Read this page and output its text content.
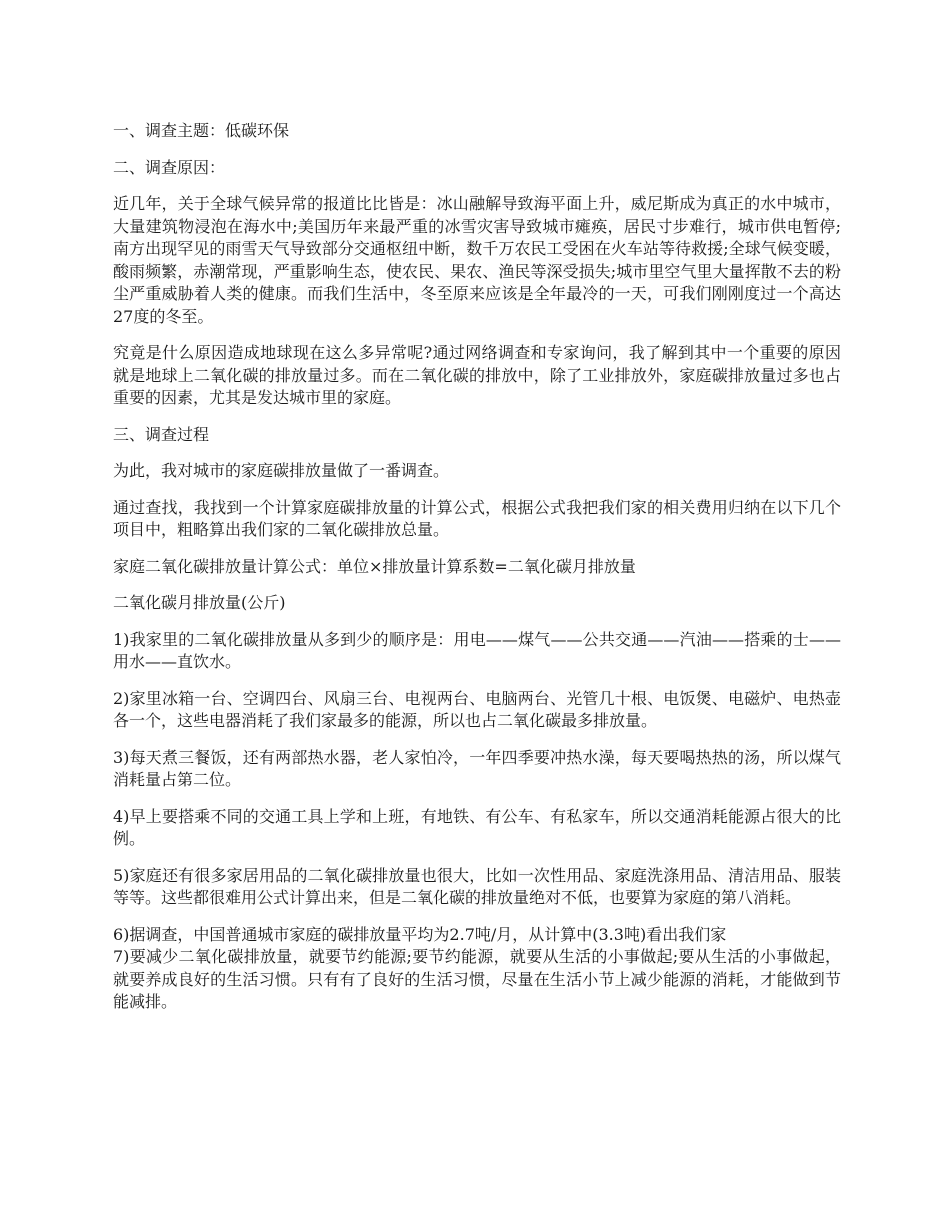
一、调查主题：低碳环保

二、调查原因：

近几年，关于全球气候异常的报道比比皆是：冰山融解导致海平面上升，威尼斯成为真正的水中城市，大量建筑物浸泡在海水中;美国历年来最严重的冰雪灾害导致城市瘫痪，居民寸步难行，城市供电暂停;南方出现罕见的雨雪天气导致部分交通枢纽中断，数千万农民工受困在火车站等待救援;全球气候变暖，酸雨频繁，赤潮常现，严重影响生态，使农民、果农、渔民等深受损失;城市里空气里大量挥散不去的粉尘严重威胁着人类的健康。而我们生活中，冬至原来应该是全年最冷的一天，可我们刚刚度过一个高达27度的冬至。

究竟是什么原因造成地球现在这么多异常呢?通过网络调查和专家询问，我了解到其中一个重要的原因就是地球上二氧化碳的排放量过多。而在二氧化碳的排放中，除了工业排放外，家庭碳排放量过多也占重要的因素，尤其是发达城市里的家庭。

三、调查过程

为此，我对城市的家庭碳排放量做了一番调查。

通过查找，我找到一个计算家庭碳排放量的计算公式，根据公式我把我们家的相关费用归纳在以下几个项目中，粗略算出我们家的二氧化碳排放总量。

家庭二氧化碳排放量计算公式：单位×排放量计算系数=二氧化碳月排放量

二氧化碳月排放量(公斤)

1)我家里的二氧化碳排放量从多到少的顺序是：用电——煤气——公共交通——汽油——搭乘的士——用水——直饮水。

2)家里冰箱一台、空调四台、风扇三台、电视两台、电脑两台、光管几十根、电饭煲、电磁炉、电热壶各一个，这些电器消耗了我们家最多的能源，所以也占二氧化碳最多排放量。

3)每天煮三餐饭，还有两部热水器，老人家怕冷，一年四季要冲热水澡，每天要喝热热的汤，所以煤气消耗量占第二位。

4)早上要搭乘不同的交通工具上学和上班，有地铁、有公车、有私家车，所以交通消耗能源占很大的比例。

5)家庭还有很多家居用品的二氧化碳排放量也很大，比如一次性用品、家庭洗涤用品、清洁用品、服装等等。这些都很难用公式计算出来，但是二氧化碳的排放量绝对不低，也要算为家庭的第八消耗。

6)据调查，中国普通城市家庭的碳排放量平均为2.7吨/月，从计算中(3.3吨)看出我们家

7)要减少二氧化碳排放量，就要节约能源;要节约能源，就要从生活的小事做起;要从生活的小事做起，就要养成良好的生活习惯。只有有了良好的生活习惯，尽量在生活小节上减少能源的消耗，才能做到节能减排。
